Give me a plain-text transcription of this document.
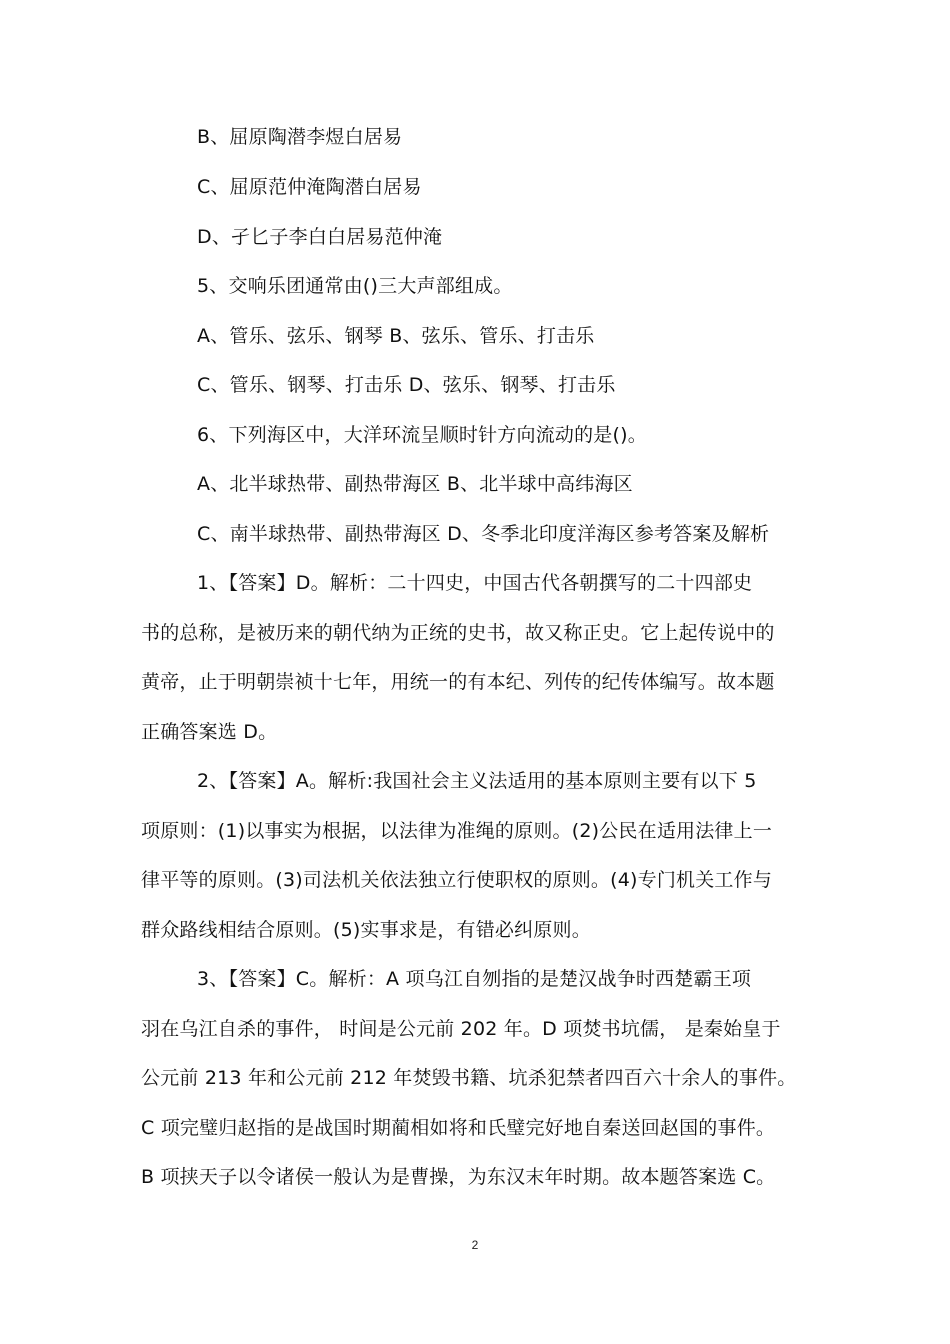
B、屈原陶潜李煜白居易
C、屈原范仲淹陶潜白居易
D、孑匕子李白白居易范仲淹
5、交响乐团通常由()三大声部组成。
A、管乐、弦乐、钢琴 B、弦乐、管乐、打击乐
C、管乐、钢琴、打击乐 D、弦乐、钢琴、打击乐
6、下列海区中，大洋环流呈顺时针方向流动的是()。
A、北半球热带、副热带海区 B、北半球中高纬海区
C、南半球热带、副热带海区 D、冬季北印度洋海区参考答案及解析
1、【答案】D。解析：二十四史，中国古代各朝撰写的二十四部史
书的总称，是被历来的朝代纳为正统的史书，故又称正史。它上起传说中的
黄帝，止于明朝崇祯十七年，用统一的有本纪、列传的纪传体编写。故本题
正确答案选 D。
2、【答案】A。解析:我国社会主义法适用的基本原则主要有以下 5
项原则：(1)以事实为根据，以法律为准绳的原则。(2)公民在适用法律上一
律平等的原则。(3)司法机关依法独立行使职权的原则。(4)专门机关工作与
群众路线相结合原则。(5)实事求是，有错必纠原则。
3、【答案】C。解析：A 项乌江自刎指的是楚汉战争时西楚霸王项
羽在乌江自杀的事件， 时间是公元前 202 年。D 项焚书坑儒， 是秦始皇于
公元前 213 年和公元前 212 年焚毁书籍、坑杀犯禁者四百六十余人的事件。
C 项完璧归赵指的是战国时期蔺相如将和氏璧完好地自秦送回赵国的事件。
B 项挟天子以令诸侯一般认为是曹操，为东汉末年时期。故本题答案选 C。
2
